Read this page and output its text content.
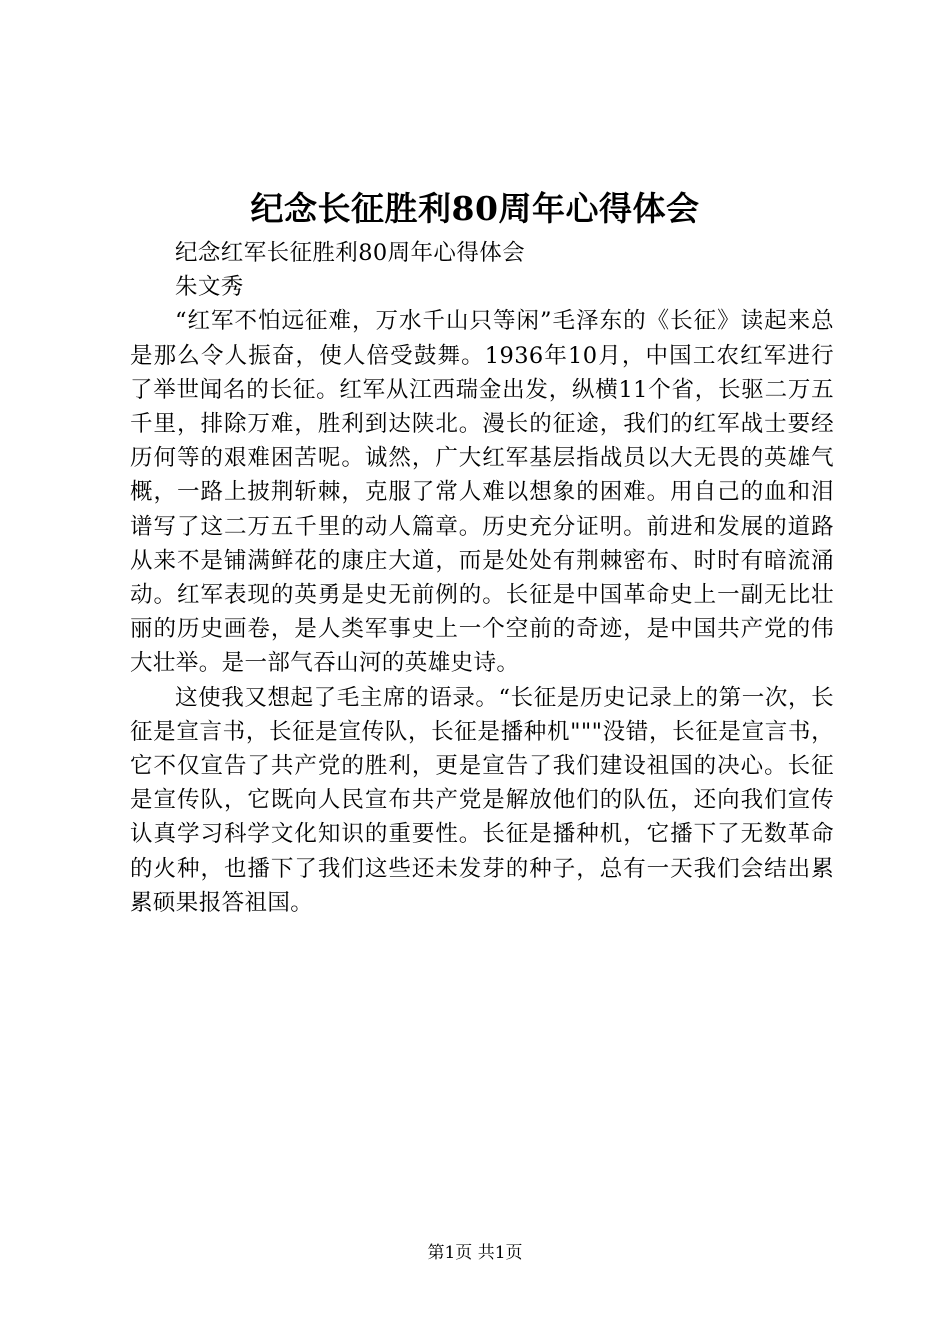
纪念长征胜利80周年心得体会
纪念红军长征胜利80周年心得体会
朱文秀

“红军不怕远征难，万水千山只等闲”毛泽东的《长征》读起来总是那么令人振奋，使人倍受鼓舞。1936年10月，中国工农红军进行了举世闻名的长征。红军从江西瑞金出发，纵横11个省，长驱二万五千里，排除万难，胜利到达陕北。漫长的征途，我们的红军战士要经历何等的艰难困苦呢。诚然，广大红军基层指战员以大无畏的英雄气概，一路上披荆斩棘，克服了常人难以想象的困难。用自己的血和泪谱写了这二万五千里的动人篇章。历史充分证明。前进和发展的道路从来不是铺满鲜花的康庄大道，而是处处有荆棘密布、时时有暗流涌动。红军表现的英勇是史无前例的。长征是中国革命史上一副无比壮丽的历史画卷，是人类军事史上一个空前的奇迹，是中国共产党的伟大壮举。是一部气吞山河的英雄史诗。

这使我又想起了毛主席的语录。“长征是历史记录上的第一次，长征是宣言书，长征是宣传队，长征是播种机"""没错，长征是宣言书，它不仅宣告了共产党的胜利，更是宣告了我们建设祖国的决心。长征是宣传队，它既向人民宣布共产党是解放他们的队伍，还向我们宣传认真学习科学文化知识的重要性。长征是播种机，它播下了无数革命的火种，也播下了我们这些还未发芽的种子，总有一天我们会结出累累硕果报答祖国。

第1页 共1页
